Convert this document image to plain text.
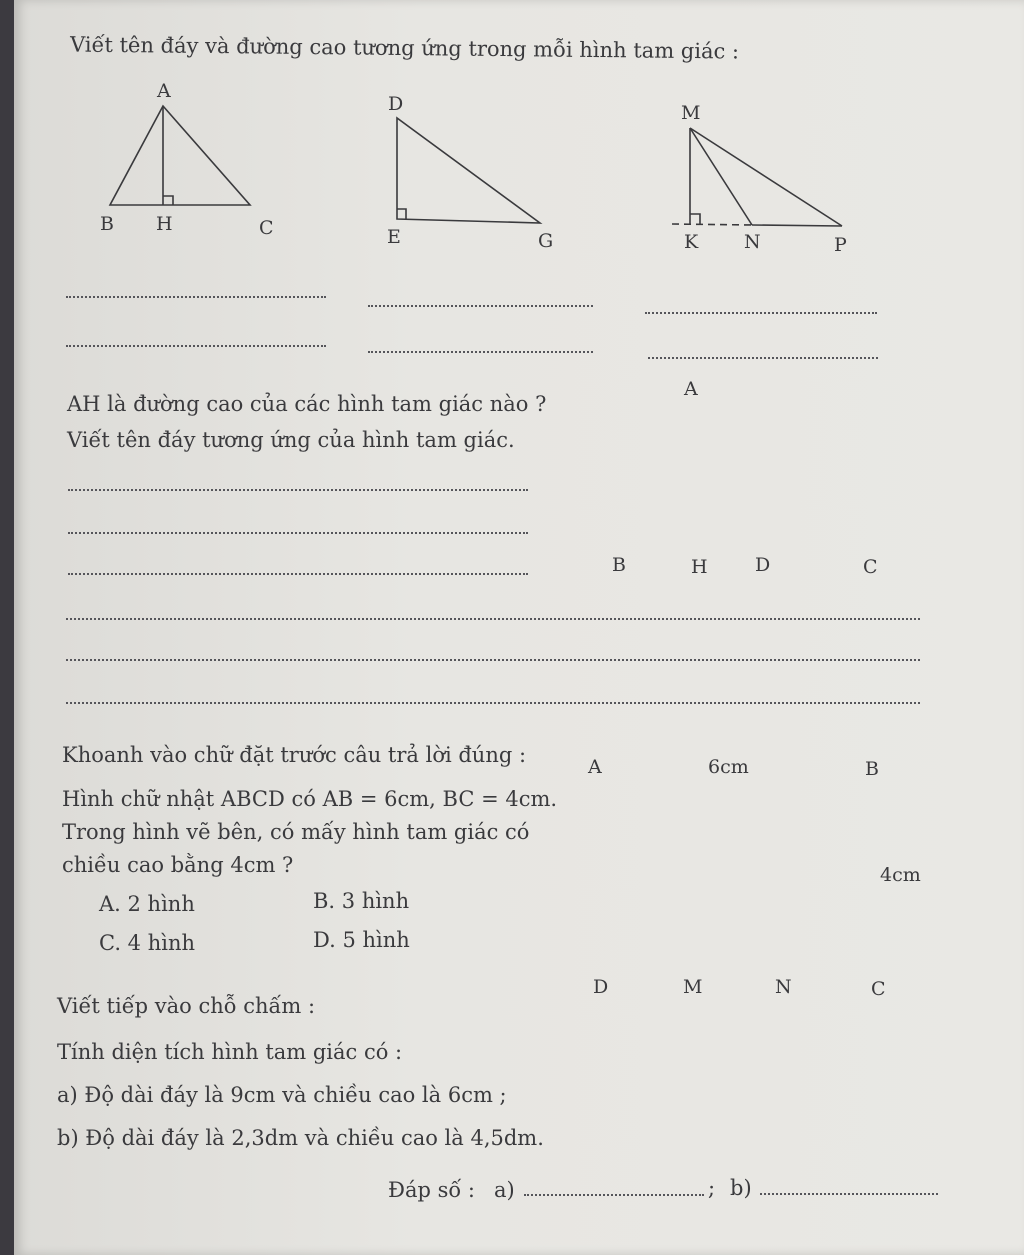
Viết tên đáy và đường cao tương ứng trong mỗi hình tam giác :
A
B H	C
D
E	G
M
K N	P
AH là đường cao của các hình tam giác nào ?
Viết tên đáy tương ứng của hình tam giác.
A
B	H D	C
Khoanh vào chữ đặt trước câu trả lời đúng :
Hình chữ nhật ABCD có AB = 6cm, BC = 4cm.
Trong hình vẽ bên, có mấy hình tam giác có
chiều cao bằng 4cm ?
A. 2 hình	B. 3 hình
C. 4 hình	D. 5 hình
A	6cm	B
4cm
D	M	N	C
Viết tiếp vào chỗ chấm :
Tính diện tích hình tam giác có :
a) Độ dài đáy là 9cm và chiều cao là 6cm ;
b) Độ dài đáy là 2,3dm và chiều cao là 4,5dm.
Đáp số : a)	; b)
